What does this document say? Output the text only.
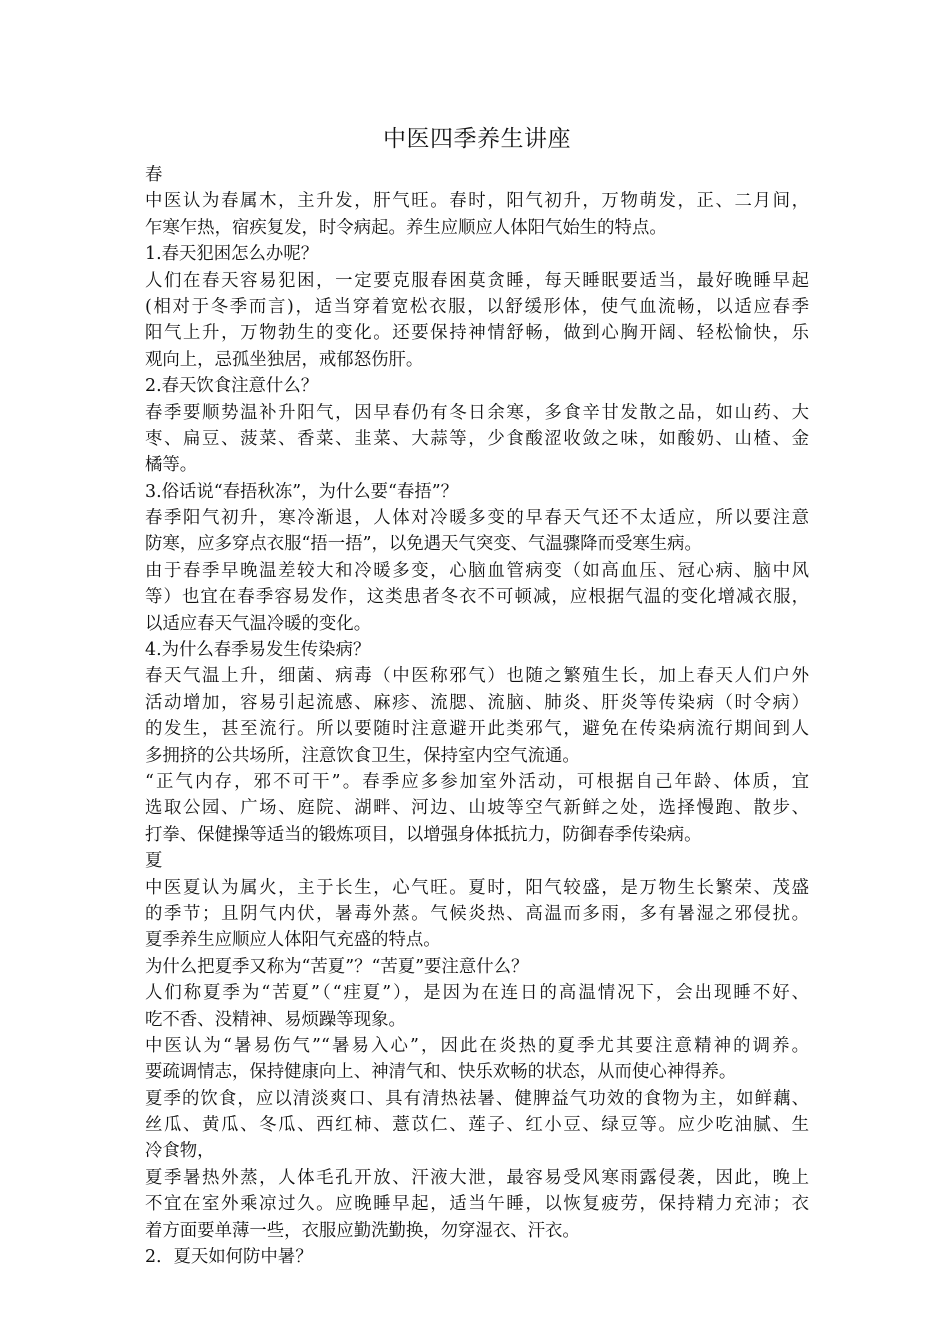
中医四季养生讲座
春
中医认为春属木，主升发，肝气旺。春时，阳气初升，万物萌发，正、二月间，
乍寒乍热，宿疾复发，时令病起。养生应顺应人体阳气始生的特点。
1.春天犯困怎么办呢？
人们在春天容易犯困，一定要克服春困莫贪睡，每天睡眠要适当，最好晚睡早起
(相对于冬季而言)，适当穿着宽松衣服，以舒缓形体，使气血流畅，以适应春季
阳气上升，万物勃生的变化。还要保持神情舒畅，做到心胸开阔、轻松愉快，乐
观向上，忌孤坐独居，戒郁怒伤肝。
2.春天饮食注意什么？
春季要顺势温补升阳气，因早春仍有冬日余寒，多食辛甘发散之品，如山药、大
枣、扁豆、菠菜、香菜、韭菜、大蒜等，少食酸涩收敛之味，如酸奶、山楂、金
橘等。
3.俗话说“春捂秋冻”，为什么要“春捂”？
春季阳气初升，寒冷渐退，人体对冷暖多变的早春天气还不太适应，所以要注意
防寒，应多穿点衣服“捂一捂”，以免遇天气突变、气温骤降而受寒生病。
由于春季早晚温差较大和冷暖多变，心脑血管病变（如高血压、冠心病、脑中风
等）也宜在春季容易发作，这类患者冬衣不可顿减，应根据气温的变化增减衣服，
以适应春天气温冷暖的变化。
4.为什么春季易发生传染病？
春天气温上升，细菌、病毒（中医称邪气）也随之繁殖生长，加上春天人们户外
活动增加，容易引起流感、麻疹、流腮、流脑、肺炎、肝炎等传染病（时令病）
的发生，甚至流行。所以要随时注意避开此类邪气，避免在传染病流行期间到人
多拥挤的公共场所，注意饮食卫生，保持室内空气流通。
“正气内存，邪不可干”。春季应多参加室外活动，可根据自己年龄、体质，宜
选取公园、广场、庭院、湖畔、河边、山坡等空气新鲜之处，选择慢跑、散步、
打拳、保健操等适当的锻炼项目，以增强身体抵抗力，防御春季传染病。
夏
中医夏认为属火，主于长生，心气旺。夏时，阳气较盛，是万物生长繁荣、茂盛
的季节；且阴气内伏，暑毒外蒸。气候炎热、高温而多雨，多有暑湿之邪侵扰。
夏季养生应顺应人体阳气充盛的特点。
为什么把夏季又称为“苦夏”？“苦夏”要注意什么？
人们称夏季为“苦夏”（“疰夏”），是因为在连日的高温情况下，会出现睡不好、
吃不香、没精神、易烦躁等现象。
中医认为“暑易伤气”“暑易入心”，因此在炎热的夏季尤其要注意精神的调养。
要疏调情志，保持健康向上、神清气和、快乐欢畅的状态，从而使心神得养。
夏季的饮食，应以清淡爽口、具有清热祛暑、健脾益气功效的食物为主，如鲜藕、
丝瓜、黄瓜、冬瓜、西红柿、薏苡仁、莲子、红小豆、绿豆等。应少吃油腻、生
冷食物，
夏季暑热外蒸，人体毛孔开放、汗液大泄，最容易受风寒雨露侵袭，因此，晚上
不宜在室外乘凉过久。应晚睡早起，适当午睡，以恢复疲劳，保持精力充沛；衣
着方面要单薄一些，衣服应勤洗勤换，勿穿湿衣、汗衣。
2．夏天如何防中暑？
